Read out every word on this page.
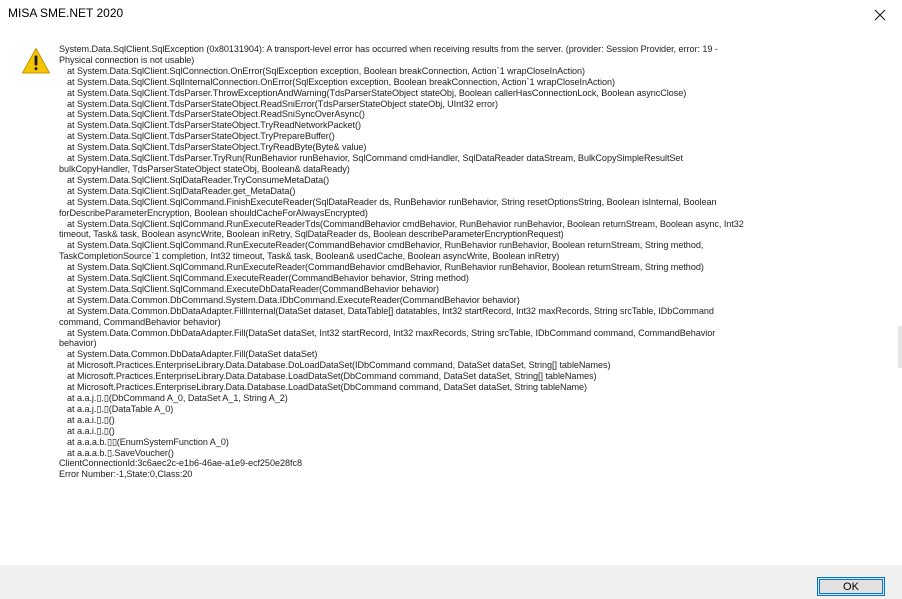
MISA SME.NET 2020
System.Data.SqlClient.SqlException (0x80131904): A transport-level error has occurred when receiving results from the server. (provider: Session Provider, error: 19 -
Physical connection is not usable)
at System.Data.SqlClient.SqlConnection.OnError(SqlException exception, Boolean breakConnection, Action`1 wrapCloseInAction)
at System.Data.SqlClient.SqlInternalConnection.OnError(SqlException exception, Boolean breakConnection, Action`1 wrapCloseInAction)
at System.Data.SqlClient.TdsParser.ThrowExceptionAndWarning(TdsParserStateObject stateObj, Boolean callerHasConnectionLock, Boolean asyncClose)
at System.Data.SqlClient.TdsParserStateObject.ReadSniError(TdsParserStateObject stateObj, UInt32 error)
at System.Data.SqlClient.TdsParserStateObject.ReadSniSyncOverAsync()
at System.Data.SqlClient.TdsParserStateObject.TryReadNetworkPacket()
at System.Data.SqlClient.TdsParserStateObject.TryPrepareBuffer()
at System.Data.SqlClient.TdsParserStateObject.TryReadByte(Byte& value)
at System.Data.SqlClient.TdsParser.TryRun(RunBehavior runBehavior, SqlCommand cmdHandler, SqlDataReader dataStream, BulkCopySimpleResultSet
bulkCopyHandler, TdsParserStateObject stateObj, Boolean& dataReady)
at System.Data.SqlClient.SqlDataReader.TryConsumeMetaData()
at System.Data.SqlClient.SqlDataReader.get_MetaData()
at System.Data.SqlClient.SqlCommand.FinishExecuteReader(SqlDataReader ds, RunBehavior runBehavior, String resetOptionsString, Boolean isInternal, Boolean
forDescribeParameterEncryption, Boolean shouldCacheForAlwaysEncrypted)
at System.Data.SqlClient.SqlCommand.RunExecuteReaderTds(CommandBehavior cmdBehavior, RunBehavior runBehavior, Boolean returnStream, Boolean async, Int32
timeout, Task& task, Boolean asyncWrite, Boolean inRetry, SqlDataReader ds, Boolean describeParameterEncryptionRequest)
at System.Data.SqlClient.SqlCommand.RunExecuteReader(CommandBehavior cmdBehavior, RunBehavior runBehavior, Boolean returnStream, String method,
TaskCompletionSource`1 completion, Int32 timeout, Task& task, Boolean& usedCache, Boolean asyncWrite, Boolean inRetry)
at System.Data.SqlClient.SqlCommand.RunExecuteReader(CommandBehavior cmdBehavior, RunBehavior runBehavior, Boolean returnStream, String method)
at System.Data.SqlClient.SqlCommand.ExecuteReader(CommandBehavior behavior, String method)
at System.Data.SqlClient.SqlCommand.ExecuteDbDataReader(CommandBehavior behavior)
at System.Data.Common.DbCommand.System.Data.IDbCommand.ExecuteReader(CommandBehavior behavior)
at System.Data.Common.DbDataAdapter.FillInternal(DataSet dataset, DataTable[] datatables, Int32 startRecord, Int32 maxRecords, String srcTable, IDbCommand
command, CommandBehavior behavior)
at System.Data.Common.DbDataAdapter.Fill(DataSet dataSet, Int32 startRecord, Int32 maxRecords, String srcTable, IDbCommand command, CommandBehavior
behavior)
at System.Data.Common.DbDataAdapter.Fill(DataSet dataSet)
at Microsoft.Practices.EnterpriseLibrary.Data.Database.DoLoadDataSet(IDbCommand command, DataSet dataSet, String[] tableNames)
at Microsoft.Practices.EnterpriseLibrary.Data.Database.LoadDataSet(DbCommand command, DataSet dataSet, String[] tableNames)
at Microsoft.Practices.EnterpriseLibrary.Data.Database.LoadDataSet(DbCommand command, DataSet dataSet, String tableName)
at a.a.j.▯.▯(DbCommand A_0, DataSet A_1, String A_2)
at a.a.j.▯.▯(DataTable A_0)
at a.a.i.▯.▯()
at a.a.i.▯.▯()
at a.a.a.b.▯▯(EnumSystemFunction A_0)
at a.a.a.b.▯.SaveVoucher()
ClientConnectionId:3c6aec2c-e1b6-46ae-a1e9-ecf250e28fc8
Error Number:-1,State:0,Class:20
OK
